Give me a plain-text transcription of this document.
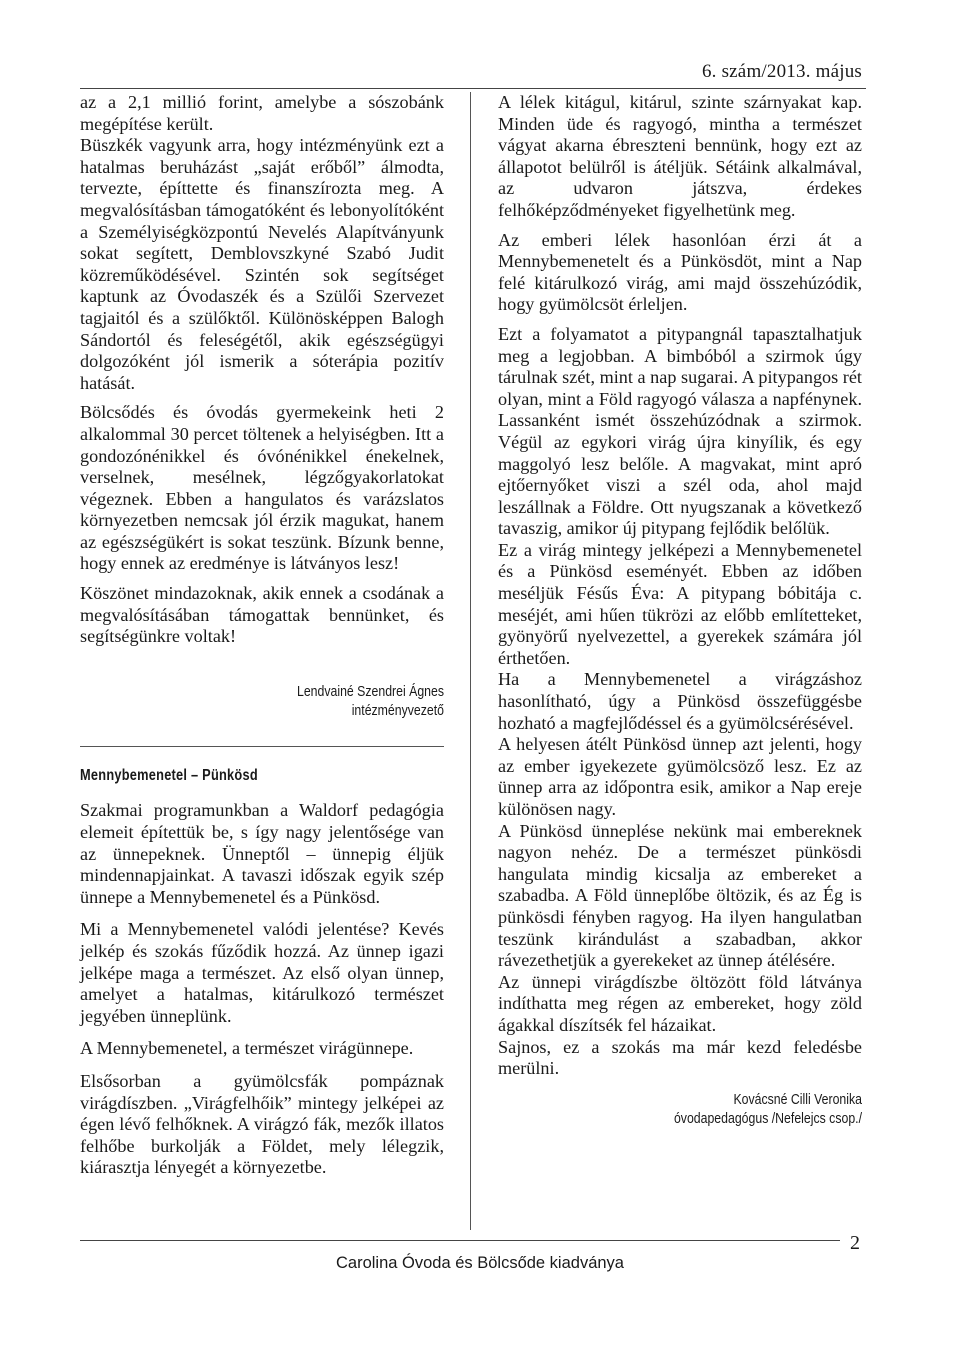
6. szám/2013. május

az a 2,1 millió forint, amelybe a sószobánk megépítése került.

Büszkék vagyunk arra, hogy intézményünk ezt a hatalmas beruházást „saját erőből” álmodta, tervezte, építtette és finanszírozta meg. A megvalósításban támogatóként és lebonyolítóként a Személyiségközpontú Nevelés Alapítványunk sokat segített, Demblovszkyné Szabó Judit közreműködésével. Szintén sok segítséget kaptunk az Óvodaszék és a Szülői Szervezet tagjaitól és a szülőktől. Különösképpen Balogh Sándortól és feleségétől, akik egészségügyi dolgozóként jól ismerik a sóterápia pozitív hatását.

Bölcsődés és óvodás gyermekeink heti 2 alkalommal 30 percet töltenek a helyiségben. Itt a gondozónénikkel és óvónénikkel énekelnek, verselnek, mesélnek, légzőgyakorlatokat végeznek. Ebben a hangulatos és varázslatos környezetben nemcsak jól érzik magukat, hanem az egészségükért is sokat teszünk. Bízunk benne, hogy ennek az eredménye is látványos lesz!

Köszönet mindazoknak, akik ennek a csodának a megvalósításában támogattak bennünket, és segítségünkre voltak!

Lendvainé Szendrei Ágnes
intézményvezető
Mennybemenetel – Pünkösd

Szakmai programunkban a Waldorf pedagógia elemeit építettük be, s így nagy jelentősége van az ünnepeknek. Ünneptől – ünnepig éljük mindennapjainkat. A tavaszi időszak egyik szép ünnepe a Mennybemenetel és a Pünkösd.

Mi a Mennybemenetel valódi jelentése? Kevés jelkép és szokás fűződik hozzá. Az ünnep igazi jelképe maga a természet. Az első olyan ünnep, amelyet a hatalmas, kitárulkozó természet jegyében ünneplünk.

A Mennybemenetel, a természet virágünnepe.

Elsősorban a gyümölcsfák pompáznak virágdíszben. „Virágfelhőik” mintegy jelképei az égen lévő felhőknek. A virágzó fák, mezők illatos felhőbe burkolják a Földet, mely lélegzik, kiárasztja lényegét a környezetbe.

A lélek kitágul, kitárul, szinte szárnyakat kap. Minden üde és ragyogó, mintha a természet vágyat akarna ébreszteni bennünk, hogy ezt az állapotot belülről is átéljük. Sétáink alkalmával, az udvaron játszva, érdekes felhőképződményeket figyelhetünk meg.

Az emberi lélek hasonlóan érzi át a Mennybemenetelt és a Pünkösdöt, mint a Nap felé kitárulkozó virág, ami majd összehúzódik, hogy gyümölcsöt érleljen.

Ezt a folyamatot a pitypangnál tapasztalhatjuk meg a legjobban. A bimbóból a szirmok úgy tárulnak szét, mint a nap sugarai. A pitypangos rét olyan, mint a Föld ragyogó válasza a napfénynek. Lassanként ismét összehúzódnak a szirmok. Végül az egykori virág újra kinyílik, és egy maggolyó lesz belőle. A magvakat, mint apró ejtőernyőket viszi a szél oda, ahol majd leszállnak a Földre. Ott nyugszanak a következő tavaszig, amikor új pitypang fejlődik belőlük.

Ez a virág mintegy jelképezi a Mennybemenetel és a Pünkösd eseményét. Ebben az időben meséljük Fésűs Éva: A pitypang bóbitája c. meséjét, ami hűen tükrözi az előbb említetteket, gyönyörű nyelvezettel, a gyerekek számára jól érthetően.

Ha a Mennybemenetel a virágzáshoz hasonlítható, úgy a Pünkösd összefüggésbe hozható a magfejlődéssel és a gyümölcsérésével.

A helyesen átélt Pünkösd ünnep azt jelenti, hogy az ember igyekezete gyümölcsöző lesz. Ez az ünnep arra az időpontra esik, amikor a Nap ereje különösen nagy.

A Pünkösd ünneplése nekünk mai embereknek nagyon nehéz. De a természet pünkösdi hangulata mindig kicsalja az embereket a szabadba. A Föld ünneplőbe öltözik, és az Ég is pünkösdi fényben ragyog. Ha ilyen hangulatban teszünk kirándulást a szabadban, akkor rávezethetjük a gyerekeket az ünnep átélésére.

Az ünnepi virágdíszbe öltözött föld látványa indíthatta meg régen az embereket, hogy zöld ágakkal díszítsék fel házaikat.

Sajnos, ez a szokás ma már kezd feledésbe merülni.

Kovácsné Cilli Veronika
óvodapedagógus /Nefelejcs csop./
Carolina Óvoda és Bölcsőde kiadványa
2
